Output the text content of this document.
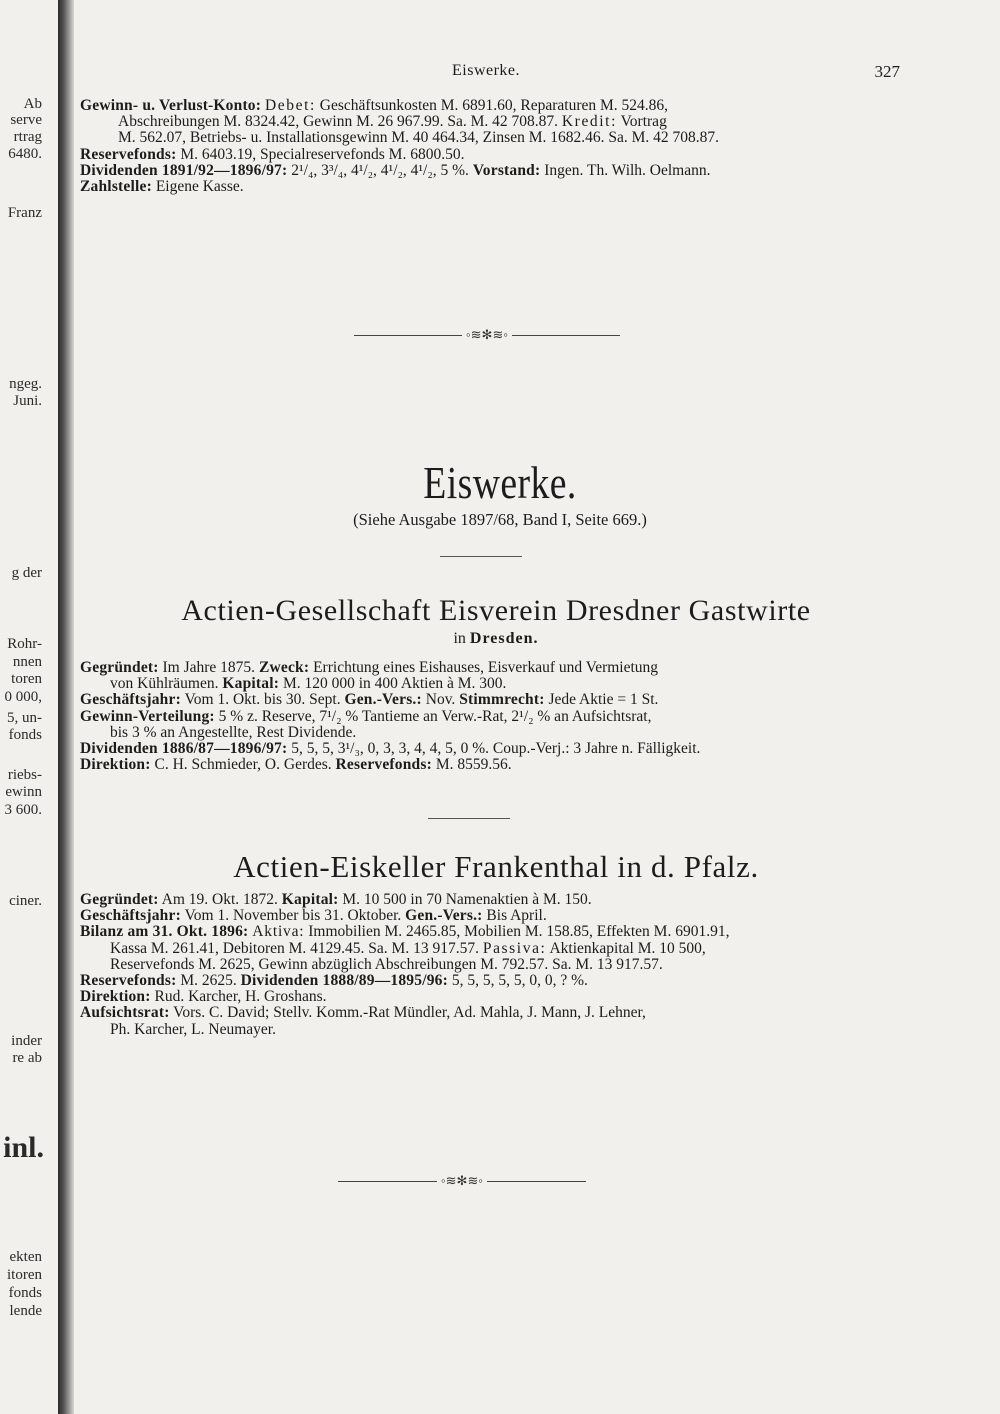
Ab
serve
rtrag
6480.
Franz
ngeg.
Juni.
g der
Rohr-
nnen
toren
0 000,
5, un-
fonds
riebs-
ewinn
3 600.
ciner.
inder
re ab
inl.
ekten
itoren
fonds
lende
Eiswerke.	327

Gewinn- u. Verlust-Konto: Debet: Geschäftsunkosten M. 6891.60, Reparaturen M. 524.86,

Abschreibungen M. 8324.42, Gewinn M. 26 967.99. Sa. M. 42 708.87. Kredit: Vortrag

M. 562.07, Betriebs- u. Installationsgewinn M. 40 464.34, Zinsen M. 1682.46. Sa. M. 42 708.87.

Reservefonds: M. 6403.19, Specialreservefonds M. 6800.50.

Dividenden 1891/92—1896/97: 2¹/₄, 3³/₄, 4¹/₂, 4¹/₂, 4¹/₂, 5 %. Vorstand: Ingen. Th. Wilh. Oelmann.

Zahlstelle: Eigene Kasse.

◦≋✻≋◦
Eiswerke.
(Siehe Ausgabe 1897/68, Band I, Seite 669.)
Actien-Gesellschaft Eisverein Dresdner Gastwirte
in Dresden.

Gegründet: Im Jahre 1875. Zweck: Errichtung eines Eishauses, Eisverkauf und Vermietung

von Kühlräumen. Kapital: M. 120 000 in 400 Aktien à M. 300.

Geschäftsjahr: Vom 1. Okt. bis 30. Sept. Gen.-Vers.: Nov. Stimmrecht: Jede Aktie = 1 St.

Gewinn-Verteilung: 5 % z. Reserve, 7¹/₂ % Tantieme an Verw.-Rat, 2¹/₂ % an Aufsichtsrat,

bis 3 % an Angestellte, Rest Dividende.

Dividenden 1886/87—1896/97: 5, 5, 5, 3¹/₃, 0, 3, 3, 4, 4, 5, 0 %. Coup.-Verj.: 3 Jahre n. Fälligkeit.

Direktion: C. H. Schmieder, O. Gerdes. Reservefonds: M. 8559.56.

Actien-Eiskeller Frankenthal in d. Pfalz.

Gegründet: Am 19. Okt. 1872. Kapital: M. 10 500 in 70 Namenaktien à M. 150.

Geschäftsjahr: Vom 1. November bis 31. Oktober. Gen.-Vers.: Bis April.

Bilanz am 31. Okt. 1896: Aktiva: Immobilien M. 2465.85, Mobilien M. 158.85, Effekten M. 6901.91,

Kassa M. 261.41, Debitoren M. 4129.45. Sa. M. 13 917.57. Passiva: Aktienkapital M. 10 500,

Reservefonds M. 2625, Gewinn abzüglich Abschreibungen M. 792.57. Sa. M. 13 917.57.

Reservefonds: M. 2625. Dividenden 1888/89—1895/96: 5, 5, 5, 5, 5, 0, 0, ? %.

Direktion: Rud. Karcher, H. Groshans.

Aufsichtsrat: Vors. C. David; Stellv. Komm.-Rat Mündler, Ad. Mahla, J. Mann, J. Lehner,

Ph. Karcher, L. Neumayer.

◦≋✻≋◦
